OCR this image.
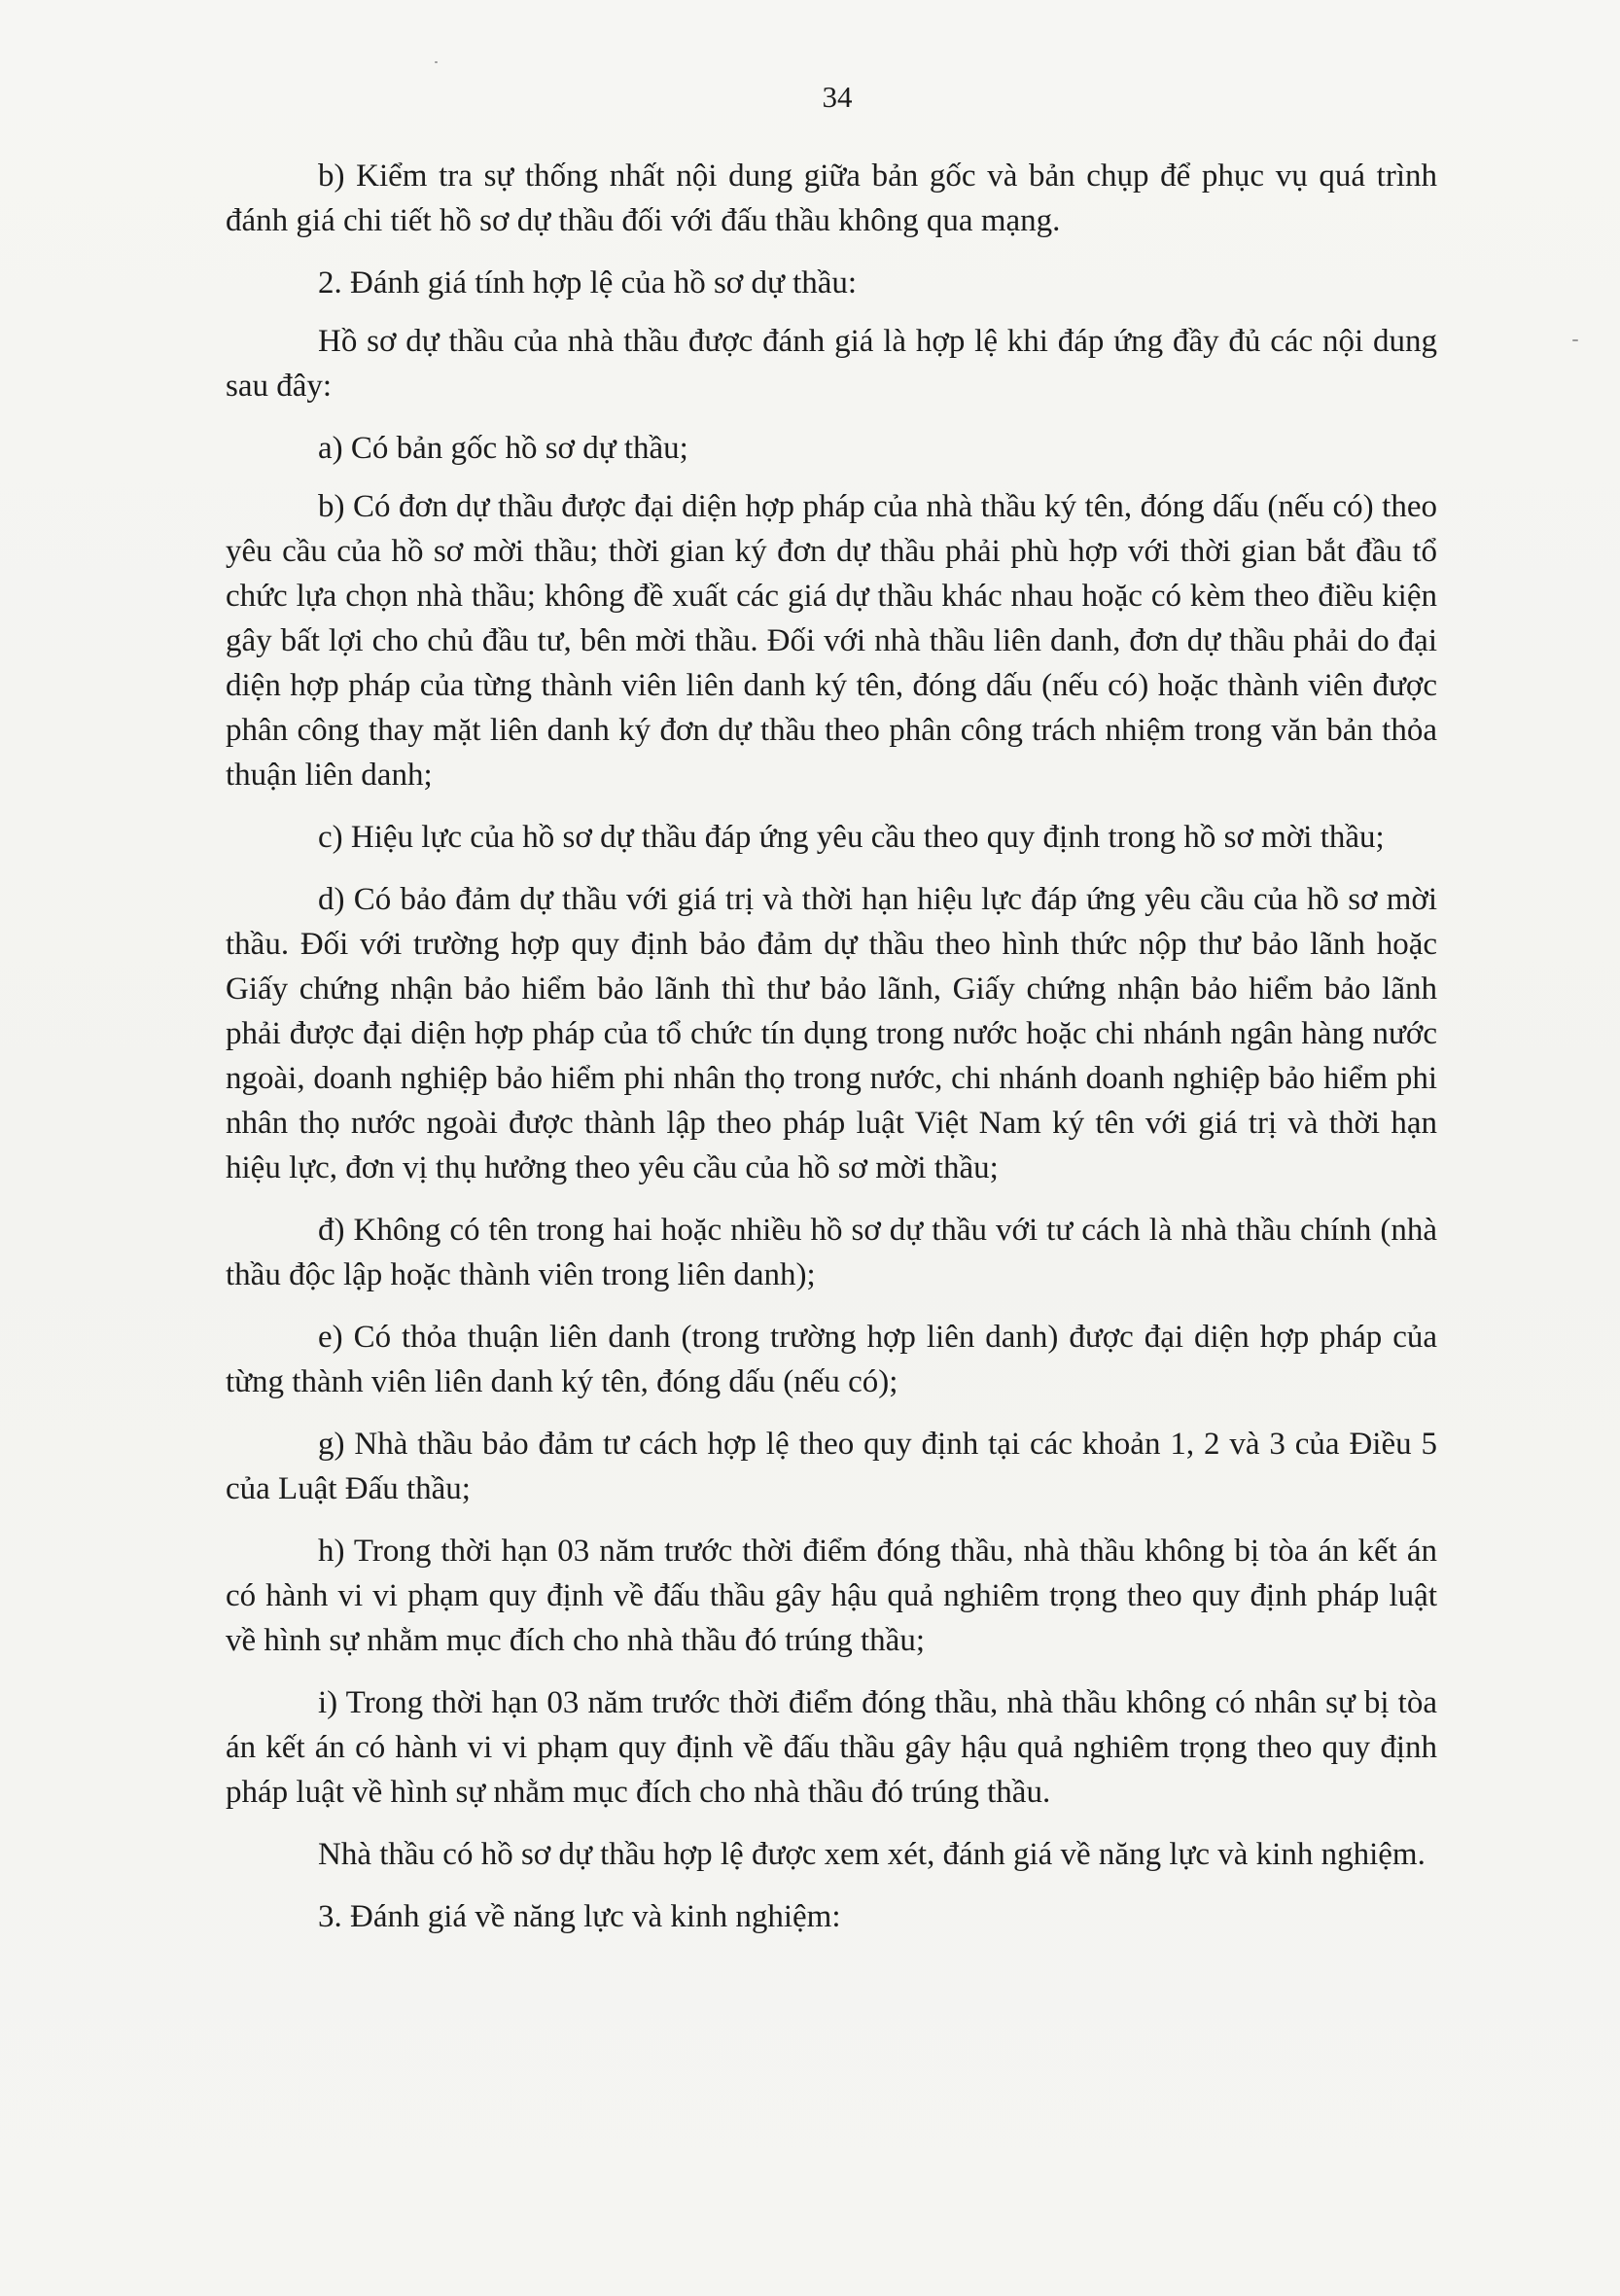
34

b) Kiểm tra sự thống nhất nội dung giữa bản gốc và bản chụp để phục vụ quá trình đánh giá chi tiết hồ sơ dự thầu đối với đấu thầu không qua mạng.

2. Đánh giá tính hợp lệ của hồ sơ dự thầu:

Hồ sơ dự thầu của nhà thầu được đánh giá là hợp lệ khi đáp ứng đầy đủ các nội dung sau đây:

a) Có bản gốc hồ sơ dự thầu;

b) Có đơn dự thầu được đại diện hợp pháp của nhà thầu ký tên, đóng dấu (nếu có) theo yêu cầu của hồ sơ mời thầu; thời gian ký đơn dự thầu phải phù hợp với thời gian bắt đầu tổ chức lựa chọn nhà thầu; không đề xuất các giá dự thầu khác nhau hoặc có kèm theo điều kiện gây bất lợi cho chủ đầu tư, bên mời thầu. Đối với nhà thầu liên danh, đơn dự thầu phải do đại diện hợp pháp của từng thành viên liên danh ký tên, đóng dấu (nếu có) hoặc thành viên được phân công thay mặt liên danh ký đơn dự thầu theo phân công trách nhiệm trong văn bản thỏa thuận liên danh;

c) Hiệu lực của hồ sơ dự thầu đáp ứng yêu cầu theo quy định trong hồ sơ mời thầu;

d) Có bảo đảm dự thầu với giá trị và thời hạn hiệu lực đáp ứng yêu cầu của hồ sơ mời thầu. Đối với trường hợp quy định bảo đảm dự thầu theo hình thức nộp thư bảo lãnh hoặc Giấy chứng nhận bảo hiểm bảo lãnh thì thư bảo lãnh, Giấy chứng nhận bảo hiểm bảo lãnh phải được đại diện hợp pháp của tổ chức tín dụng trong nước hoặc chi nhánh ngân hàng nước ngoài, doanh nghiệp bảo hiểm phi nhân thọ trong nước, chi nhánh doanh nghiệp bảo hiểm phi nhân thọ nước ngoài được thành lập theo pháp luật Việt Nam ký tên với giá trị và thời hạn hiệu lực, đơn vị thụ hưởng theo yêu cầu của hồ sơ mời thầu;

đ) Không có tên trong hai hoặc nhiều hồ sơ dự thầu với tư cách là nhà thầu chính (nhà thầu độc lập hoặc thành viên trong liên danh);

e) Có thỏa thuận liên danh (trong trường hợp liên danh) được đại diện hợp pháp của từng thành viên liên danh ký tên, đóng dấu (nếu có);

g) Nhà thầu bảo đảm tư cách hợp lệ theo quy định tại các khoản 1, 2 và 3 của Điều 5 của Luật Đấu thầu;

h) Trong thời hạn 03 năm trước thời điểm đóng thầu, nhà thầu không bị tòa án kết án có hành vi vi phạm quy định về đấu thầu gây hậu quả nghiêm trọng theo quy định pháp luật về hình sự nhằm mục đích cho nhà thầu đó trúng thầu;

i) Trong thời hạn 03 năm trước thời điểm đóng thầu, nhà thầu không có nhân sự bị tòa án kết án có hành vi vi phạm quy định về đấu thầu gây hậu quả nghiêm trọng theo quy định pháp luật về hình sự nhằm mục đích cho nhà thầu đó trúng thầu.

Nhà thầu có hồ sơ dự thầu hợp lệ được xem xét, đánh giá về năng lực và kinh nghiệm.

3. Đánh giá về năng lực và kinh nghiệm:
